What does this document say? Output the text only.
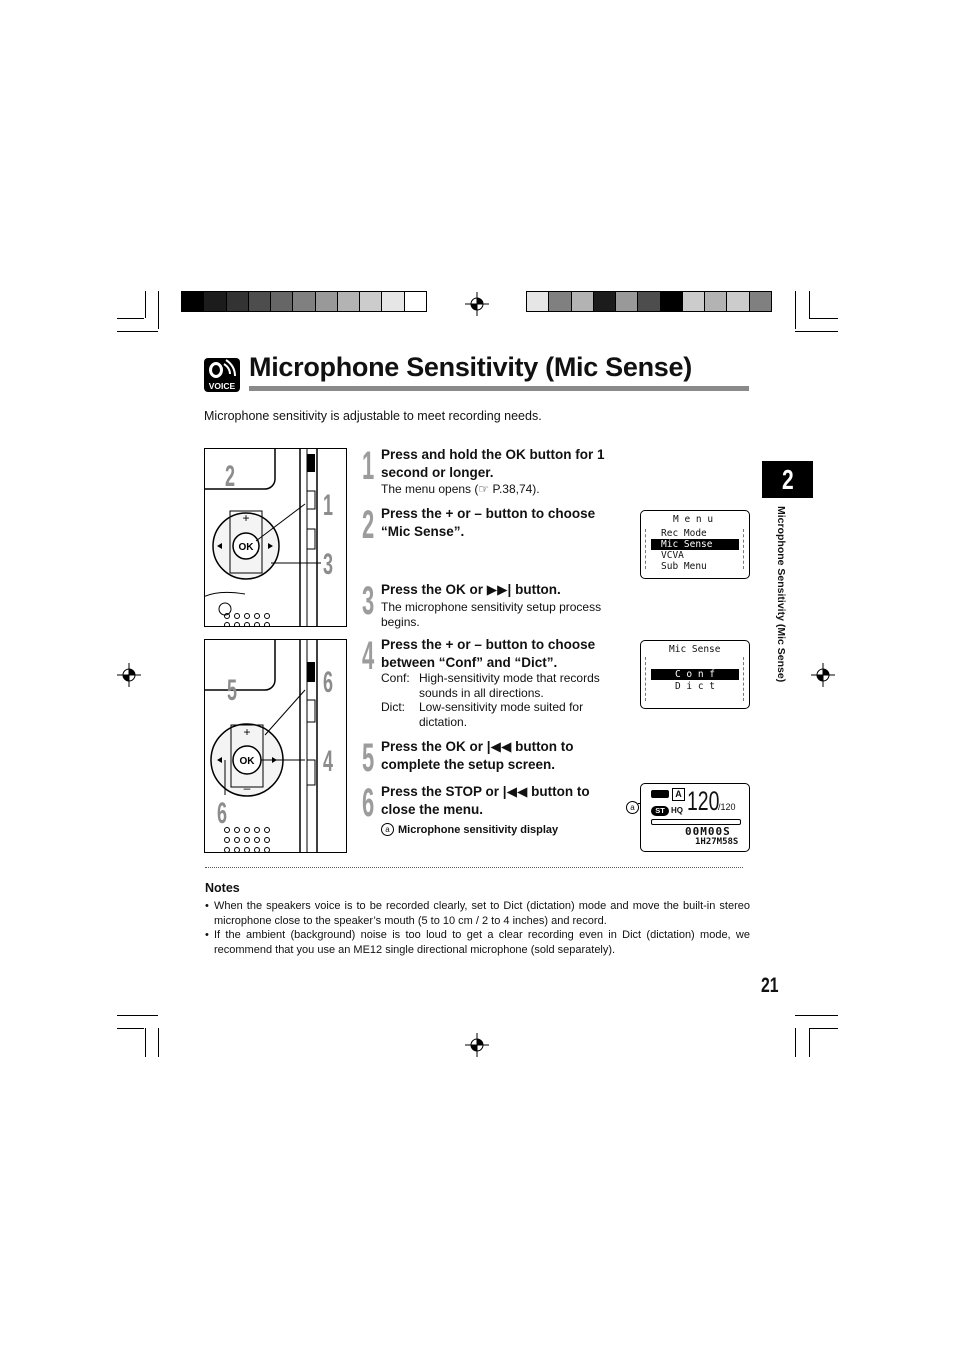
VOICE
Microphone Sensitivity (Mic Sense)
Microphone sensitivity is adjustable to meet recording needs.
OK
+
–
2
1
3
OK
+
–
5	6
4
6
1
2
3
4
5
6
Press and hold the OK button for 1 second or longer.
The menu opens (☞ P.38,74).
Press the + or – button to choose “Mic Sense”.
Press the OK or ▶▶| button.
The microphone sensitivity setup process begins.
Press the + or – button to choose between “Conf” and “Dict”.
Conf: High-sensitivity mode that records sounds in all directions.
Dict:	Low-sensitivity mode suited for dictation.
Press the OK or |◀◀ button to complete the setup screen.
Press the STOP or |◀◀ button to close the menu.
a Microphone sensitivity display
M e n u
Rec Mode
Mic Sense
VCVA
Sub Menu
Mic Sense
C o n f
D i c t
a
A
ST HQ 120
/120
00M00S
1H27M58S
2
Microphone Sensitivity (Mic Sense)
Notes
• When the speakers voice is to be recorded clearly, set to Dict (dictation) mode and move the built-in stereo microphone close to the speaker’s mouth (5 to 10 cm / 2 to 4 inches) and record.
• If the ambient (background) noise is too loud to get a clear recording even in Dict (dictation) mode, we recommend that you use an ME12 single directional microphone (sold separately).
21
